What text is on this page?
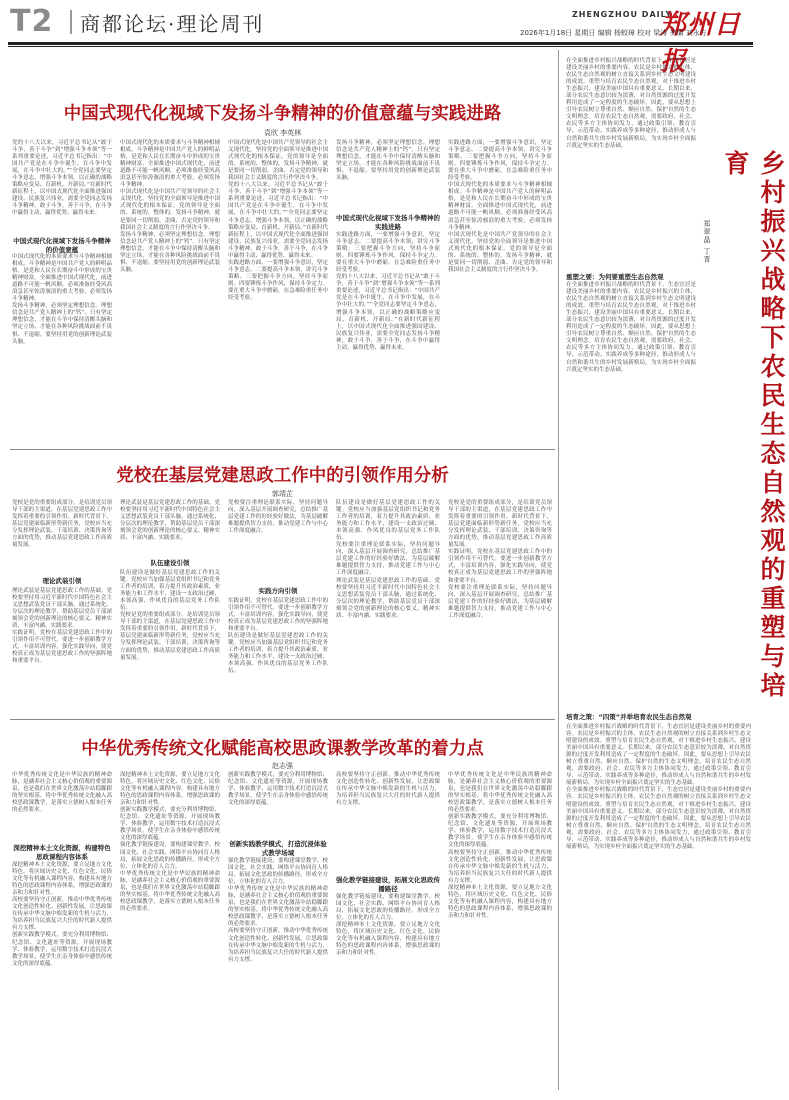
T2 商都论坛·理论周刊	ZHENGZHOU DAILY
郑州日报
2026年1月18日 星期日 编辑 杨蛟璋 校对 梁涛 美编 刘永方
乡村振兴战略下农民生态自然观的重塑与培育
郑翠晶 丁晋

在全面推进乡村振兴战略的时代背景下，生态宜居是建设美丽乡村的重要内容。农民是乡村振兴的主体，农民生态自然观的树立直接关系到乡村生态文明建设的成效。重塑与培育农民生态自然观，对于推进乡村生态振兴、建设美丽中国具有重要意义。长期以来，部分农民生态意识较为淡薄，对自然资源的过度开发利用造成了一定程度的生态破坏。因此，要从思想上引导农民树立尊重自然、顺应自然、保护自然的生态文明理念。培育农民生态自然观，需要政府、社会、农民等多方主体协同发力，通过政策引领、教育引导、示范带动、实践养成等多种途径，推动形成人与自然和谐共生的乡村发展新格局，为实现乡村全面振兴奠定坚实的生态基础。

重塑之要：为何要重塑生态自然观

在全面推进乡村振兴战略的时代背景下，生态宜居是建设美丽乡村的重要内容。农民是乡村振兴的主体，农民生态自然观的树立直接关系到乡村生态文明建设的成效。重塑与培育农民生态自然观，对于推进乡村生态振兴、建设美丽中国具有重要意义。长期以来，部分农民生态意识较为淡薄，对自然资源的过度开发利用造成了一定程度的生态破坏。因此，要从思想上引导农民树立尊重自然、顺应自然、保护自然的生态文明理念。培育农民生态自然观，需要政府、社会、农民等多方主体协同发力，通过政策引领、教育引导、示范带动、实践养成等多种途径，推动形成人与自然和谐共生的乡村发展新格局，为实现乡村全面振兴奠定坚实的生态基础。

培育之策：“四策”并举培育农民生态自然观

在全面推进乡村振兴战略的时代背景下，生态宜居是建设美丽乡村的重要内容。农民是乡村振兴的主体，农民生态自然观的树立直接关系到乡村生态文明建设的成效。重塑与培育农民生态自然观，对于推进乡村生态振兴、建设美丽中国具有重要意义。长期以来，部分农民生态意识较为淡薄，对自然资源的过度开发利用造成了一定程度的生态破坏。因此，要从思想上引导农民树立尊重自然、顺应自然、保护自然的生态文明理念。培育农民生态自然观，需要政府、社会、农民等多方主体协同发力，通过政策引领、教育引导、示范带动、实践养成等多种途径，推动形成人与自然和谐共生的乡村发展新格局，为实现乡村全面振兴奠定坚实的生态基础。

在全面推进乡村振兴战略的时代背景下，生态宜居是建设美丽乡村的重要内容。农民是乡村振兴的主体，农民生态自然观的树立直接关系到乡村生态文明建设的成效。重塑与培育农民生态自然观，对于推进乡村生态振兴、建设美丽中国具有重要意义。长期以来，部分农民生态意识较为淡薄，对自然资源的过度开发利用造成了一定程度的生态破坏。因此，要从思想上引导农民树立尊重自然、顺应自然、保护自然的生态文明理念。培育农民生态自然观，需要政府、社会、农民等多方主体协同发力，通过政策引领、教育引导、示范带动、实践养成等多种途径，推动形成人与自然和谐共生的乡村发展新格局，为实现乡村全面振兴奠定坚实的生态基础。

中国式现代化视域下发扬斗争精神的价值意蕴与实践进路
袁欣 李英林

党的十八大以来，习近平总书记从“敢于斗争，善于斗争”到“增强斗争本领”等一系列重要论述，习近平总书记指出：“中国共产党是在斗争中诞生，在斗争中发展，在斗争中壮大的。”“全党同志要坚定斗争意志，增强斗争本领，以正确的战略策略应变局、育新机、开新局。”在新时代新征程上，以中国式现代化全面推进强国建设、民族复兴伟业，需要全党同志发扬斗争精神，敢于斗争，善于斗争，在斗争中赢得主动、赢得优势、赢得未来。

中国式现代化视域下发扬斗争精神的价值意蕴

中国式现代化的本质要求与斗争精神相辅相成。斗争精神是中国共产党人的鲜明品格，是党和人民在长期奋斗中形成的宝贵精神财富。全面推进中国式现代化，前进道路不可能一帆风顺，必须准备经受风高浪急甚至惊涛骇浪的重大考验，必须发扬斗争精神。

发扬斗争精神，必须坚定理想信念。理想信念是共产党人精神上的“钙”。只有坚定理想信念，才能在斗争中保持清醒头脑和坚定立场，才能在各种风险挑战面前不畏惧、不退缩。要坚持用党的创新理论武装头脑。

中国式现代化的本质要求与斗争精神相辅相成。斗争精神是中国共产党人的鲜明品格，是党和人民在长期奋斗中形成的宝贵精神财富。全面推进中国式现代化，前进道路不可能一帆风顺，必须准备经受风高浪急甚至惊涛骇浪的重大考验，必须发扬斗争精神。

中国式现代化是中国共产党领导的社会主义现代化。坚持党的全面领导是推进中国式现代化的根本保证。党的领导是全面的、系统的、整体的，发扬斗争精神，就是要同一切削弱、歪曲、否定党的领导和我国社会主义制度的言行作坚决斗争。

发扬斗争精神，必须坚定理想信念。理想信念是共产党人精神上的“钙”。只有坚定理想信念，才能在斗争中保持清醒头脑和坚定立场，才能在各种风险挑战面前不畏惧、不退缩。要坚持用党的创新理论武装头脑。

中国式现代化是中国共产党领导的社会主义现代化。坚持党的全面领导是推进中国式现代化的根本保证。党的领导是全面的、系统的、整体的，发扬斗争精神，就是要同一切削弱、歪曲、否定党的领导和我国社会主义制度的言行作坚决斗争。

党的十八大以来，习近平总书记从“敢于斗争，善于斗争”到“增强斗争本领”等一系列重要论述，习近平总书记指出：“中国共产党是在斗争中诞生，在斗争中发展，在斗争中壮大的。”“全党同志要坚定斗争意志，增强斗争本领，以正确的战略策略应变局、育新机、开新局。”在新时代新征程上，以中国式现代化全面推进强国建设、民族复兴伟业，需要全党同志发扬斗争精神，敢于斗争，善于斗争，在斗争中赢得主动、赢得优势、赢得未来。

实践进路方面，一要增强斗争意识，坚定斗争意志。二要提高斗争本领，讲究斗争策略。三要把握斗争方向，坚持斗争原则。四要锤炼斗争作风，保持斗争定力。要在重大斗争中磨砺，在急难险重任务中经受考验。

发扬斗争精神，必须坚定理想信念。理想信念是共产党人精神上的“钙”。只有坚定理想信念，才能在斗争中保持清醒头脑和坚定立场，才能在各种风险挑战面前不畏惧、不退缩。要坚持用党的创新理论武装头脑。

中国式现代化视域下发扬斗争精神的实践进路

实践进路方面，一要增强斗争意识，坚定斗争意志。二要提高斗争本领，讲究斗争策略。三要把握斗争方向，坚持斗争原则。四要锤炼斗争作风，保持斗争定力。要在重大斗争中磨砺，在急难险重任务中经受考验。

党的十八大以来，习近平总书记从“敢于斗争，善于斗争”到“增强斗争本领”等一系列重要论述，习近平总书记指出：“中国共产党是在斗争中诞生，在斗争中发展，在斗争中壮大的。”“全党同志要坚定斗争意志，增强斗争本领，以正确的战略策略应变局、育新机、开新局。”在新时代新征程上，以中国式现代化全面推进强国建设、民族复兴伟业，需要全党同志发扬斗争精神，敢于斗争，善于斗争，在斗争中赢得主动、赢得优势、赢得未来。

实践进路方面，一要增强斗争意识，坚定斗争意志。二要提高斗争本领，讲究斗争策略。三要把握斗争方向，坚持斗争原则。四要锤炼斗争作风，保持斗争定力。要在重大斗争中磨砺，在急难险重任务中经受考验。

中国式现代化的本质要求与斗争精神相辅相成。斗争精神是中国共产党人的鲜明品格，是党和人民在长期奋斗中形成的宝贵精神财富。全面推进中国式现代化，前进道路不可能一帆风顺，必须准备经受风高浪急甚至惊涛骇浪的重大考验，必须发扬斗争精神。

中国式现代化是中国共产党领导的社会主义现代化。坚持党的全面领导是推进中国式现代化的根本保证。党的领导是全面的、系统的、整体的，发扬斗争精神，就是要同一切削弱、歪曲、否定党的领导和我国社会主义制度的言行作坚决斗争。

党校在基层党建思政工作中的引领作用分析
郭靖芷

党校是党的重要组成部分，是培训党员领导干部的主渠道，在基层党建思政工作中发挥着重要的引领作用。新时代背景下，基层党建面临新形势新任务，党校应当充分发挥理论武装、干部培训、决策咨询等方面的优势，推动基层党建思政工作高质量发展。

理论武装引领

理论武装是基层党建思政工作的基础。党校要坚持用习近平新时代中国特色社会主义思想武装党员干部头脑，通过系统化、分层次的理论教学，帮助基层党员干部深刻领会党的创新理论的核心要义、精神实质、丰富内涵、实践要求。

实践证明，党校在基层党建思政工作中的引领作用不可替代。要进一步创新教学方式，丰富培训内容，强化实践导向，使党校真正成为基层党建思政工作的坚强阵地和重要平台。

理论武装是基层党建思政工作的基础。党校要坚持用习近平新时代中国特色社会主义思想武装党员干部头脑，通过系统化、分层次的理论教学，帮助基层党员干部深刻领会党的创新理论的核心要义、精神实质、丰富内涵、实践要求。

队伍建设引领

队伍建设是做好基层党建思政工作的关键。党校应当加强基层党组织书记和党务工作者的培训，着力提升其政治素质、业务能力和工作水平，建设一支政治过硬、本领高强、作风优良的基层党务工作队伍。

党校是党的重要组成部分，是培训党员领导干部的主渠道，在基层党建思政工作中发挥着重要的引领作用。新时代背景下，基层党建面临新形势新任务，党校应当充分发挥理论武装、干部培训、决策咨询等方面的优势，推动基层党建思政工作高质量发展。

党校要注重理论联系实际，坚持问题导向，深入基层开展调查研究，总结推广基层党建工作的好经验好做法，为基层破解难题提供智力支持，推动党建工作与中心工作深度融合。

实践方向引领

实践证明，党校在基层党建思政工作中的引领作用不可替代。要进一步创新教学方式，丰富培训内容，强化实践导向，使党校真正成为基层党建思政工作的坚强阵地和重要平台。

队伍建设是做好基层党建思政工作的关键。党校应当加强基层党组织书记和党务工作者的培训，着力提升其政治素质、业务能力和工作水平，建设一支政治过硬、本领高强、作风优良的基层党务工作队伍。

队伍建设是做好基层党建思政工作的关键。党校应当加强基层党组织书记和党务工作者的培训，着力提升其政治素质、业务能力和工作水平，建设一支政治过硬、本领高强、作风优良的基层党务工作队伍。

党校要注重理论联系实际，坚持问题导向，深入基层开展调查研究，总结推广基层党建工作的好经验好做法，为基层破解难题提供智力支持，推动党建工作与中心工作深度融合。

理论武装是基层党建思政工作的基础。党校要坚持用习近平新时代中国特色社会主义思想武装党员干部头脑，通过系统化、分层次的理论教学，帮助基层党员干部深刻领会党的创新理论的核心要义、精神实质、丰富内涵、实践要求。

党校是党的重要组成部分，是培训党员领导干部的主渠道，在基层党建思政工作中发挥着重要的引领作用。新时代背景下，基层党建面临新形势新任务，党校应当充分发挥理论武装、干部培训、决策咨询等方面的优势，推动基层党建思政工作高质量发展。

实践证明，党校在基层党建思政工作中的引领作用不可替代。要进一步创新教学方式，丰富培训内容，强化实践导向，使党校真正成为基层党建思政工作的坚强阵地和重要平台。

党校要注重理论联系实际，坚持问题导向，深入基层开展调查研究，总结推广基层党建工作的好经验好做法，为基层破解难题提供智力支持，推动党建工作与中心工作深度融合。

中华优秀传统文化赋能高校思政课教学改革的着力点
赵志强

中华优秀传统文化是中华民族的精神命脉，是涵养社会主义核心价值观的重要源泉，也是我们在世界文化激荡中站稳脚跟的坚实根基。将中华优秀传统文化融入高校思政课教学，是落实立德树人根本任务的必然要求。

深挖精神本土文化资源，构建特色思政课程内容体系

深挖精神本土文化资源，要立足地方文化特色，将区域历史文化、红色文化、民俗文化等有机融入课程内容，构建具有地方特色的思政课程内容体系，增强思政课的亲和力和针对性。

高校要坚持守正创新，推动中华优秀传统文化创造性转化、创新性发展，让思政课在传承中华文脉中焕发新的生机与活力，为培养担当民族复兴大任的时代新人提供有力支撑。

创新实践教学模式，要充分利用博物馆、纪念馆、文化遗址等资源，开展现场教学、体验教学，运用数字技术打造沉浸式教学场景，使学生在亲身体验中感悟传统文化的深厚底蕴。

深挖精神本土文化资源，要立足地方文化特色，将区域历史文化、红色文化、民俗文化等有机融入课程内容，构建具有地方特色的思政课程内容体系，增强思政课的亲和力和针对性。

创新实践教学模式，要充分利用博物馆、纪念馆、文化遗址等资源，开展现场教学、体验教学，运用数字技术打造沉浸式教学场景，使学生在亲身体验中感悟传统文化的深厚底蕴。

强化教学链接建设，要构建课堂教学、校园文化、社会实践、网络平台协同育人格局，拓展文化思政的传播路径，形成全方位、立体化的育人合力。

中华优秀传统文化是中华民族的精神命脉，是涵养社会主义核心价值观的重要源泉，也是我们在世界文化激荡中站稳脚跟的坚实根基。将中华优秀传统文化融入高校思政课教学，是落实立德树人根本任务的必然要求。

创新实践教学模式，要充分利用博物馆、纪念馆、文化遗址等资源，开展现场教学、体验教学，运用数字技术打造沉浸式教学场景，使学生在亲身体验中感悟传统文化的深厚底蕴。

创新实践教学模式，打造沉浸体验式教学场域

强化教学链接建设，要构建课堂教学、校园文化、社会实践、网络平台协同育人格局，拓展文化思政的传播路径，形成全方位、立体化的育人合力。

中华优秀传统文化是中华民族的精神命脉，是涵养社会主义核心价值观的重要源泉，也是我们在世界文化激荡中站稳脚跟的坚实根基。将中华优秀传统文化融入高校思政课教学，是落实立德树人根本任务的必然要求。

高校要坚持守正创新，推动中华优秀传统文化创造性转化、创新性发展，让思政课在传承中华文脉中焕发新的生机与活力，为培养担当民族复兴大任的时代新人提供有力支撑。

高校要坚持守正创新，推动中华优秀传统文化创造性转化、创新性发展，让思政课在传承中华文脉中焕发新的生机与活力，为培养担当民族复兴大任的时代新人提供有力支撑。

强化教学链接建设，拓展文化思政传播路径

强化教学链接建设，要构建课堂教学、校园文化、社会实践、网络平台协同育人格局，拓展文化思政的传播路径，形成全方位、立体化的育人合力。

深挖精神本土文化资源，要立足地方文化特色，将区域历史文化、红色文化、民俗文化等有机融入课程内容，构建具有地方特色的思政课程内容体系，增强思政课的亲和力和针对性。

中华优秀传统文化是中华民族的精神命脉，是涵养社会主义核心价值观的重要源泉，也是我们在世界文化激荡中站稳脚跟的坚实根基。将中华优秀传统文化融入高校思政课教学，是落实立德树人根本任务的必然要求。

创新实践教学模式，要充分利用博物馆、纪念馆、文化遗址等资源，开展现场教学、体验教学，运用数字技术打造沉浸式教学场景，使学生在亲身体验中感悟传统文化的深厚底蕴。

高校要坚持守正创新，推动中华优秀传统文化创造性转化、创新性发展，让思政课在传承中华文脉中焕发新的生机与活力，为培养担当民族复兴大任的时代新人提供有力支撑。

深挖精神本土文化资源，要立足地方文化特色，将区域历史文化、红色文化、民俗文化等有机融入课程内容，构建具有地方特色的思政课程内容体系，增强思政课的亲和力和针对性。
